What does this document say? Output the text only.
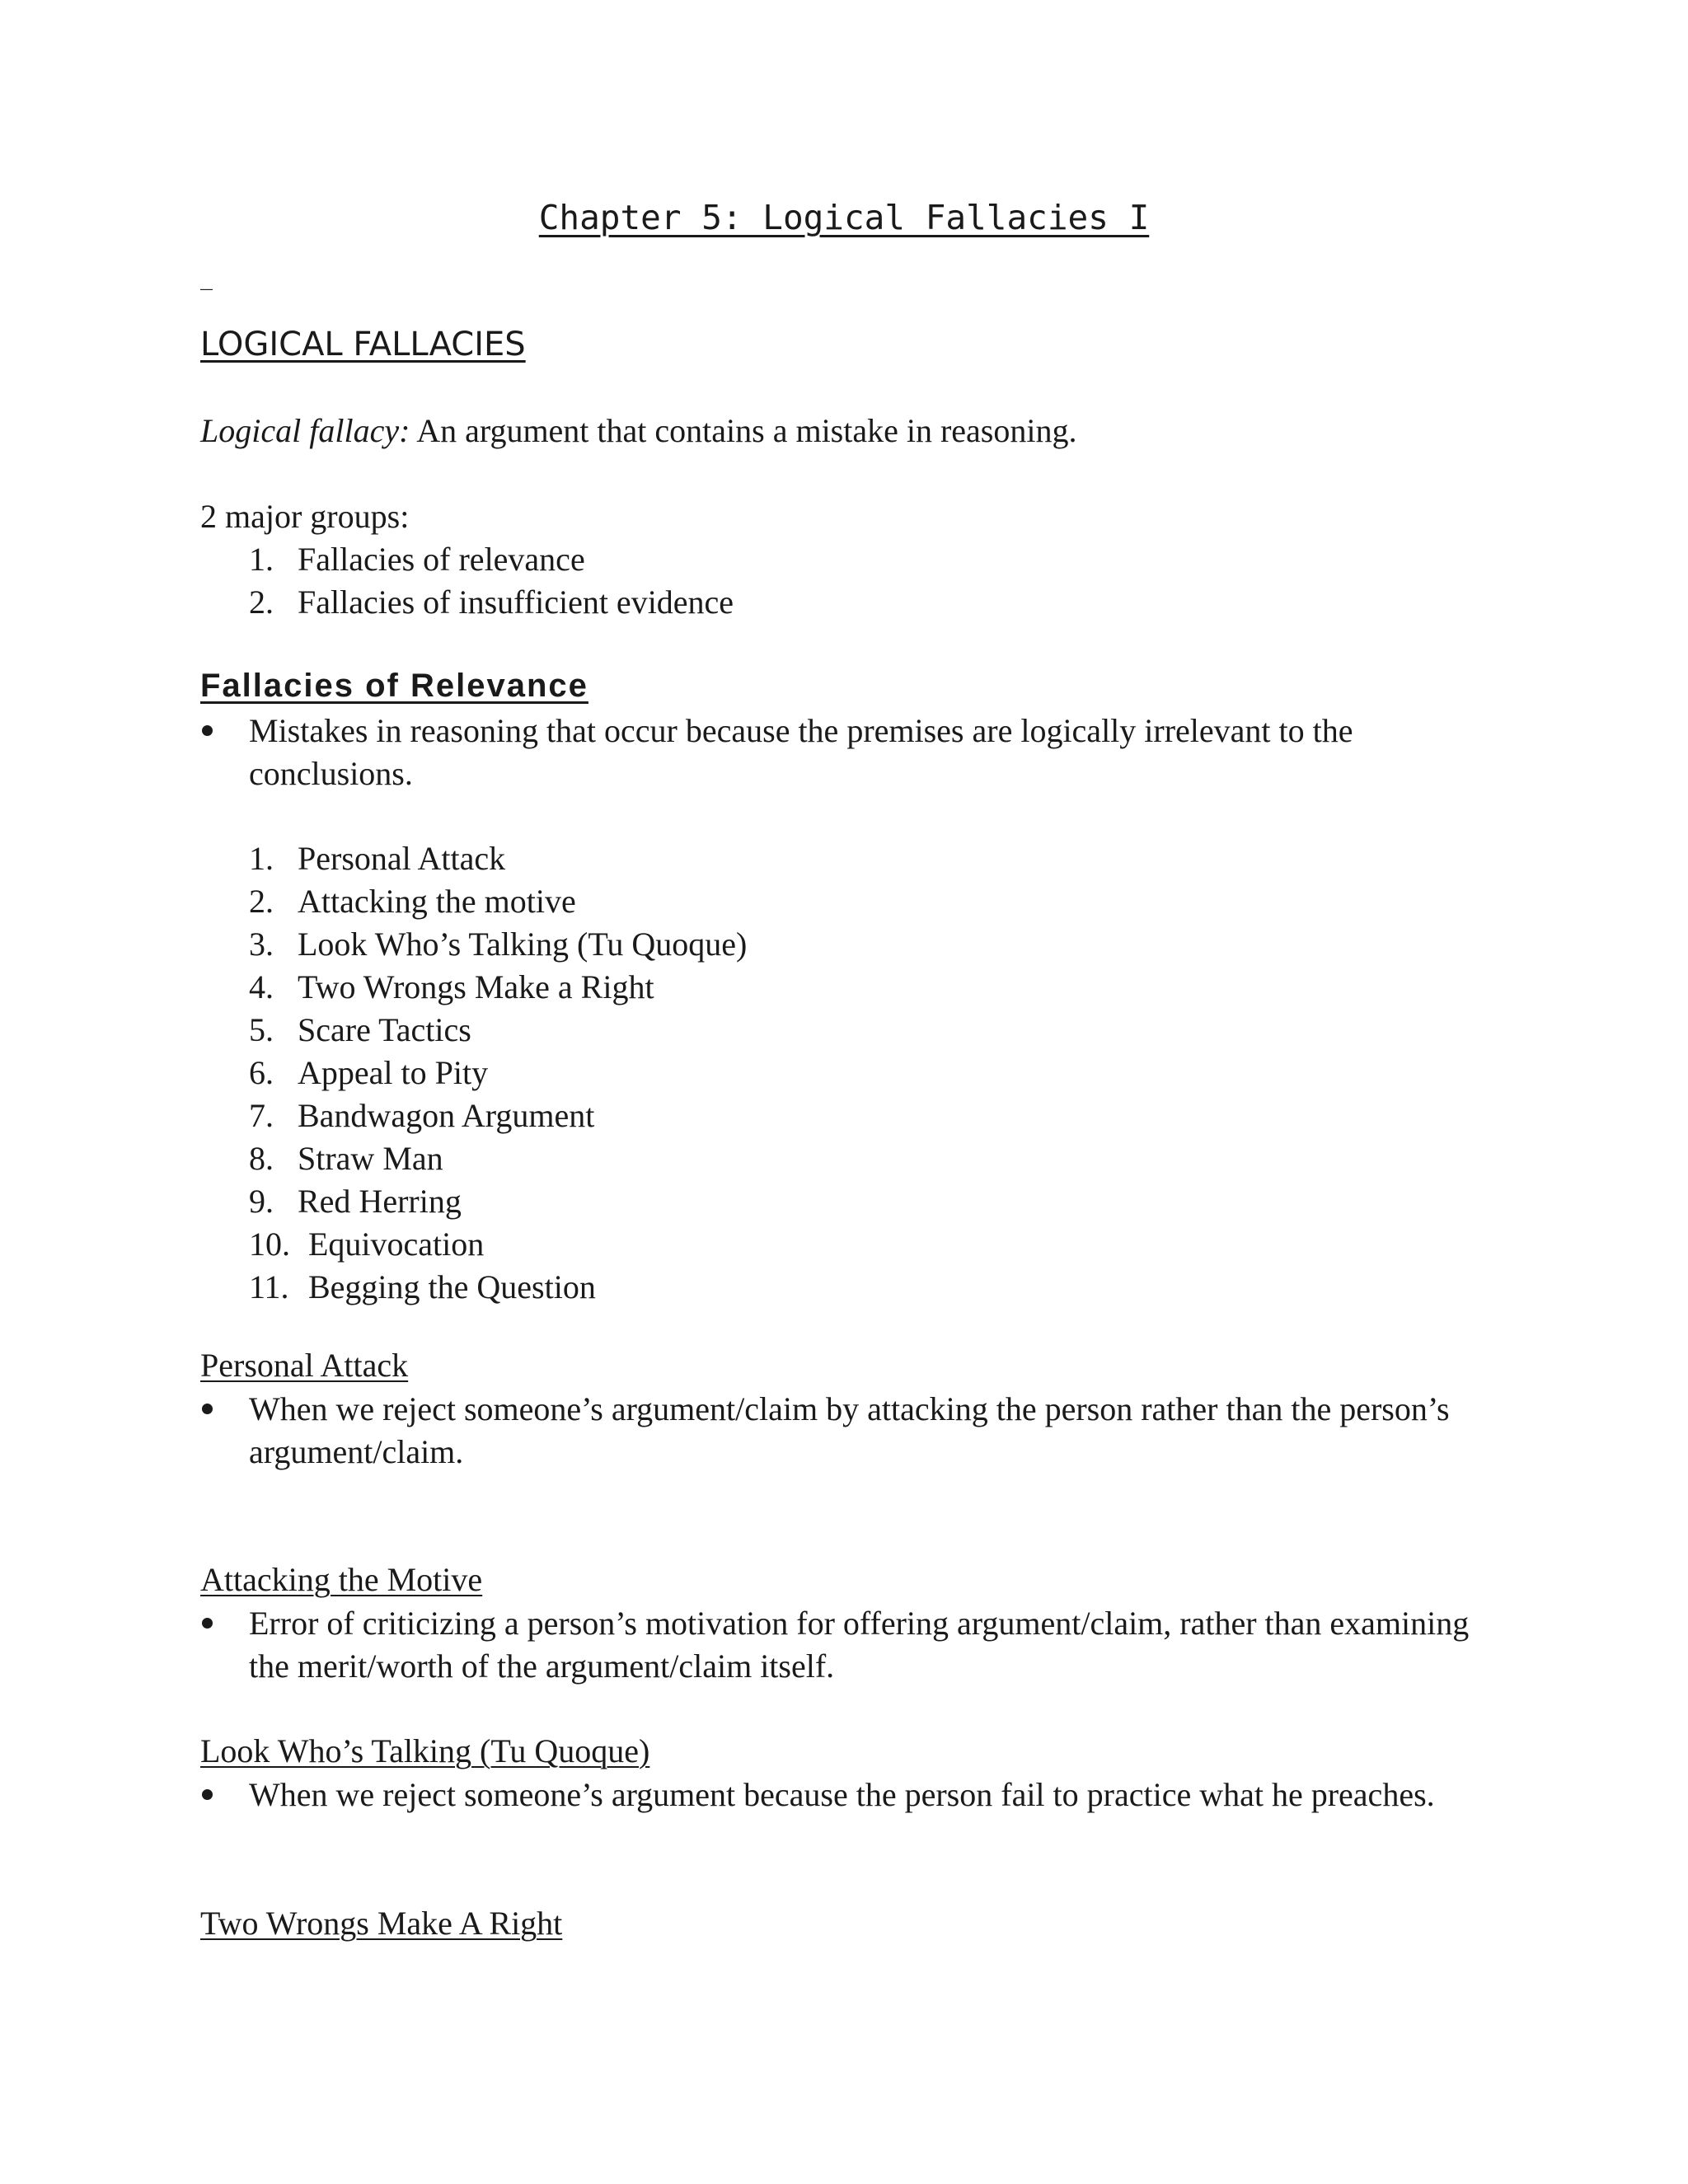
Chapter 5: Logical Fallacies I
_
LOGICAL FALLACIES
Logical fallacy: An argument that contains a mistake in reasoning.
2 major groups:
1. Fallacies of relevance
2. Fallacies of insufficient evidence
Fallacies of Relevance
Mistakes in reasoning that occur because the premises are logically irrelevant to the conclusions.
1. Personal Attack
2. Attacking the motive
3. Look Who’s Talking (Tu Quoque)
4. Two Wrongs Make a Right
5. Scare Tactics
6. Appeal to Pity
7. Bandwagon Argument
8. Straw Man
9. Red Herring
10. Equivocation
11. Begging the Question
Personal Attack
When we reject someone’s argument/claim by attacking the person rather than the person’s argument/claim.
Attacking the Motive
Error of criticizing a person’s motivation for offering argument/claim, rather than examining the merit/worth of the argument/claim itself.
Look Who’s Talking (Tu Quoque)
When we reject someone’s argument because the person fail to practice what he preaches.
Two Wrongs Make A Right
